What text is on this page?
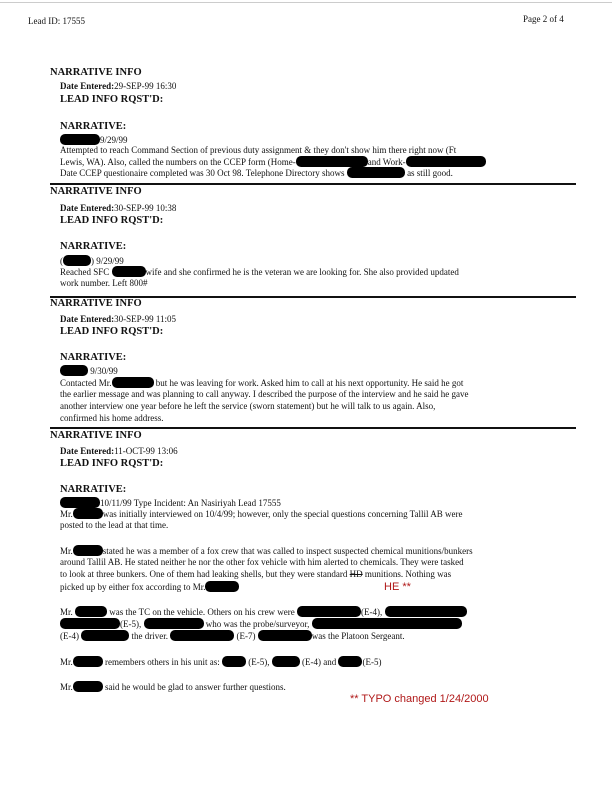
Lead ID: 17555	Page 2 of 4
NARRATIVE INFO
Date Entered:29-SEP-99 16:30
LEAD INFO RQST'D:
NARRATIVE:
9/29/99
Attempted to reach Command Section of previous duty assignment & they don't show him there right now (Ft
Lewis, WA). Also, called the numbers on the CCEP form (Home-	and Work-
Date CCEP questionaire completed was 30 Oct 98. Telephone Directory shows	as still good.
NARRATIVE INFO
Date Entered:30-SEP-99 10:38
LEAD INFO RQST'D:
NARRATIVE:
(	) 9/29/99
Reached SFC	wife and she confirmed he is the veteran we are looking for. She also provided updated
work number. Left 800#
NARRATIVE INFO
Date Entered:30-SEP-99 11:05
LEAD INFO RQST'D:
NARRATIVE:
9/30/99
Contacted Mr.	but he was leaving for work. Asked him to call at his next opportunity. He said he got
the earlier message and was planning to call anyway. I described the purpose of the interview and he said he gave
another interview one year before he left the service (sworn statement) but he will talk to us again. Also,
confirmed his home address.
NARRATIVE INFO
Date Entered:11-OCT-99 13:06
LEAD INFO RQST'D:
NARRATIVE:
10/11/99 Type Incident: An Nasiriyah Lead 17555
Mr.	was initially interviewed on 10/4/99; however, only the special questions concerning Tallil AB were
posted to the lead at that time.
Mr.	stated he was a member of a fox crew that was called to inspect suspected chemical munitions/bunkers
around Tallil AB. He stated neither he nor the other fox vehicle with him alerted to chemicals. They were tasked
to look at three bunkers. One of them had leaking shells, but they were standard HD munitions. Nothing was
picked up by either fox according to Mr.	HE **
Mr.	was the TC on the vehicle. Others on his crew were	(E-4),
(E-5),	who was the probe/surveyor,
(E-4)	the driver.	(E-7)	was the Platoon Sergeant.
Mr.	remembers others in his unit as:	(E-5),	(E-4) and	(E-5)
Mr.	said he would be glad to answer further questions.
** TYPO changed 1/24/2000
